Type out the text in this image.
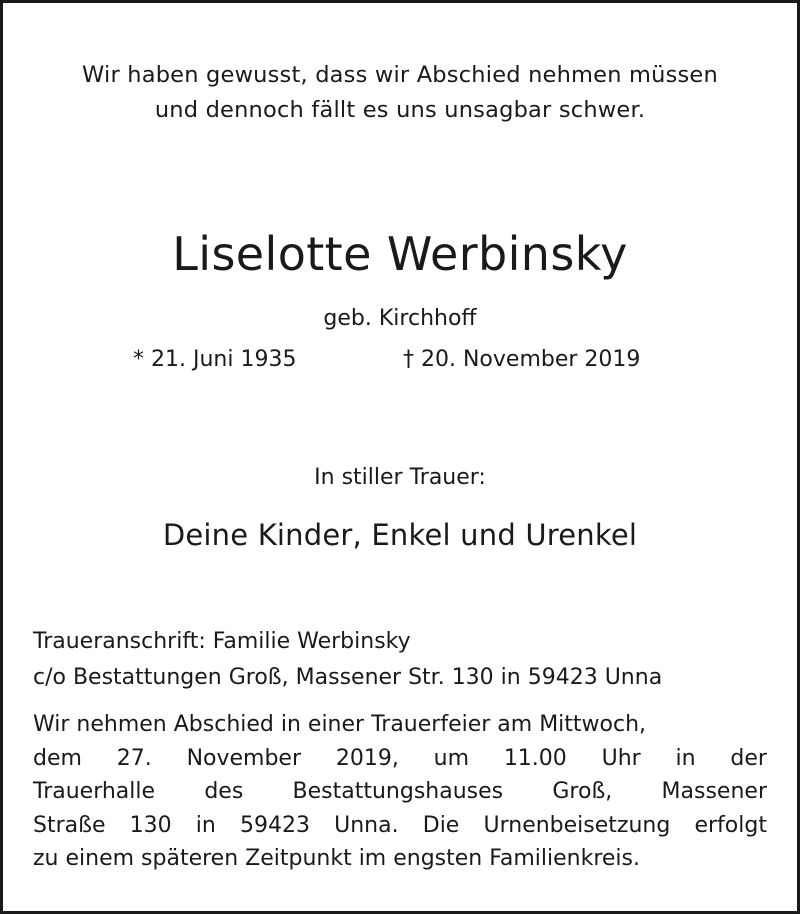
Wir haben gewusst, dass wir Abschied nehmen müssen
und dennoch fällt es uns unsagbar schwer.
Liselotte Werbinsky
geb. Kirchhoff
* 21. Juni 1935	† 20. November 2019
In stiller Trauer:
Deine Kinder, Enkel und Urenkel
Traueranschrift: Familie Werbinsky
c/o Bestattungen Groß, Massener Str. 130 in 59423 Unna
Wir nehmen Abschied in einer Trauerfeier am Mittwoch,
dem 27. November 2019, um 11.00 Uhr in der
Trauerhalle des Bestattungshauses Groß, Massener
Straße 130 in 59423 Unna. Die Urnenbeisetzung erfolgt
zu einem späteren Zeitpunkt im engsten Familienkreis.
